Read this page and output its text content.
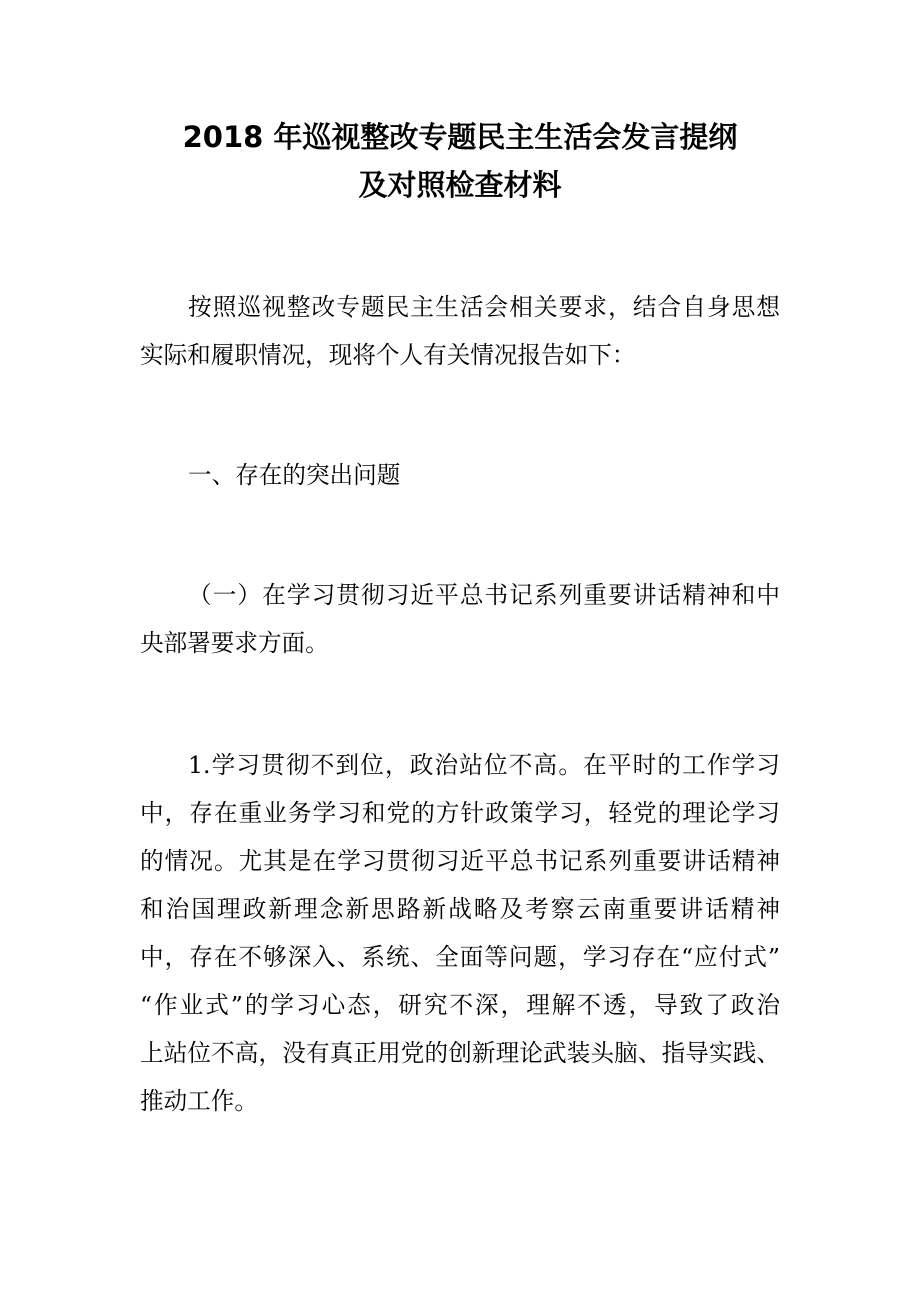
2018 年巡视整改专题民主生活会发言提纲
及对照检查材料

按照巡视整改专题民主生活会相关要求，结合自身思想

实际和履职情况，现将个人有关情况报告如下：

一、存在的突出问题

（一）在学习贯彻习近平总书记系列重要讲话精神和中

央部署要求方面。

1.学习贯彻不到位，政治站位不高。在平时的工作学习

中，存在重业务学习和党的方针政策学习，轻党的理论学习

的情况。尤其是在学习贯彻习近平总书记系列重要讲话精神

和治国理政新理念新思路新战略及考察云南重要讲话精神

中，存在不够深入、系统、全面等问题，学习存在“应付式”

“作业式”的学习心态，研究不深，理解不透，导致了政治

上站位不高，没有真正用党的创新理论武装头脑、指导实践、

推动工作。
